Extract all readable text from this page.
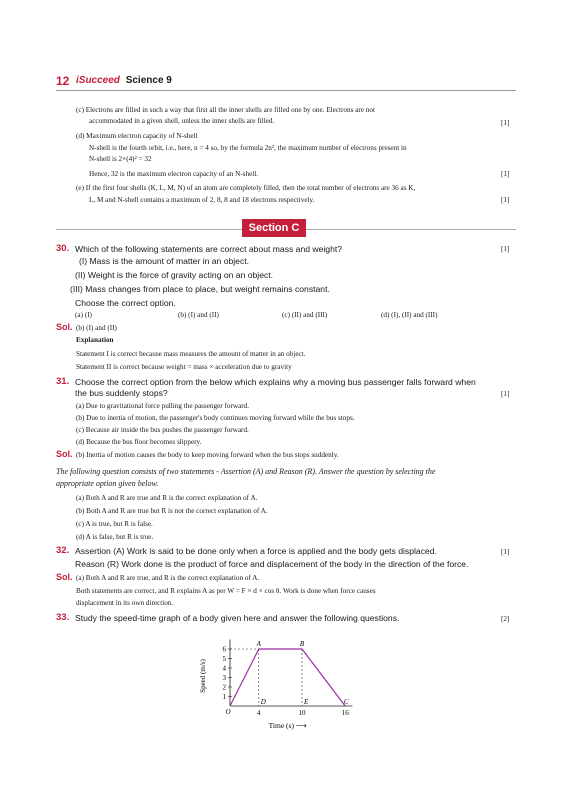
12 iSucceed Science 9
(c) Electrons are filled in such a way that first all the inner shells are filled one by one. Electrons are not
accommodated in a given shell, unless the inner shells are filled.	[1]
(d) Maximum electron capacity of N-shell
N-shell is the fourth orbit, i.e., here, n = 4 so, by the formula 2n², the maximum number of electrons present in
N-shell is 2×(4)² = 32
Hence, 32 is the maximum electron capacity of an N-shell.	[1]
(e) If the first four shells (K, L, M, N) of an atom are completely filled, then the total number of electrons are 36 as K,
L, M and N-shell contains a maximum of 2, 8, 8 and 18 electrons respectively.	[1]
Section C
30. Which of the following statements are correct about mass and weight?	[1]
(I) Mass is the amount of matter in an object.
(II) Weight is the force of gravity acting on an object.
(III) Mass changes from place to place, but weight remains constant.
Choose the correct option.
(a) (I)	(b) (I) and (II)	(c) (II) and (III)	(d) (I), (II) and (III)
Sol. (b) (I) and (II)
Explanation
Statement I is correct because mass measures the amount of matter in an object.
Statement II is correct because weight = mass × acceleration due to gravity
31. Choose the correct option from the below which explains why a moving bus passenger falls forward when
the bus suddenly stops?	[1]
(a) Due to gravitational force pulling the passenger forward.
(b) Due to inertia of motion, the passenger's body continues moving forward while the bus stops.
(c) Because air inside the bus pushes the passenger forward.
(d) Because the bus floor becomes slippery.
Sol. (b) Inertia of motion causes the body to keep moving forward when the bus stops suddenly.
The following question consists of two statements - Assertion (A) and Reason (R). Answer the question by selecting the
appropriate option given below.
(a) Both A and R are true and R is the correct explanation of A.
(b) Both A and R are true but R is not the correct explanation of A.
(c) A is true, but R is false.
(d) A is false, but R is true.
32. Assertion (A) Work is said to be done only when a force is applied and the body gets displaced.	[1]
Reason (R) Work done is the product of force and displacement of the body in the direction of the force.
Sol. (a) Both A and R are true, and R is the correct explanation of A.
Both statements are correct, and R explains A as per W = F × d × cos θ. Work is done when force causes
displacement in its own direction.
33. Study the speed-time graph of a body given here and answer the following questions.	[2]
1
2
3
4
5
6
4	10	16
O
D	E
A	B
C
Speed (m/s)
Time (s) ⟶
